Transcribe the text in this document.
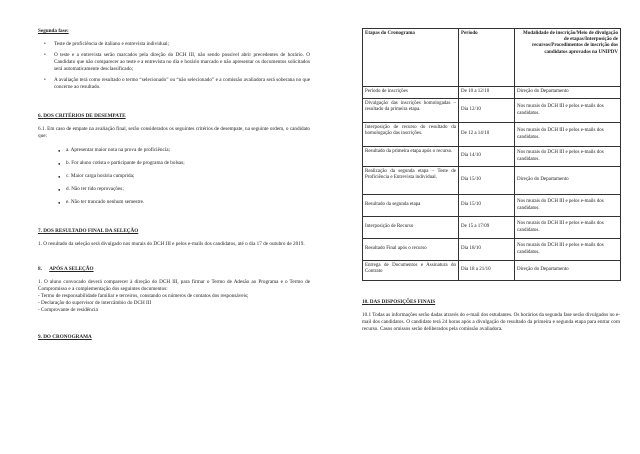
Segunda fase:
• Teste de proficiência de italiano e entrevista individual;
• O teste e a entrevista serão marcados pela direção do DCH III, não sendo possível abrir precedentes de horário. O Candidato que não comparecer ao teste e a entrevista no dia e horário marcado e não apresentar os documentos solicitados será automaticamente desclassificado;
• A avaliação terá como resultado o termo “selecionado” ou “não selecionado” e a comissão avaliadora será soberana no que concerne ao resultado.
6. DOS CRITÉRIOS DE DESEMPATE
6.1. Em caso de empate na avaliação final, serão considerados os seguintes critérios de desempate, na seguinte ordem, o candidato que:
● a. Apresentar maior nota na prova de proficiência;
● b. For aluno cotista e participante de programa de bolsas;
● c. Maior carga horária cumprida;
● d. Não ter tido reprovações;
● e. Não ter trancado nenhum semestre.
7. DOS RESULTADO FINAL DA SELEÇÃO
1. O resultado da seleção será divulgado nos murais do DCH III e pelos e-mails dos candidatos, até o dia 17 de outubro de 2019.
8. APÓS A SELEÇÃO
1. O aluno convocado deverá comparecer à direção do DCH III, para firmar o Termo de Adesão ao Programa e o Termo de Compromisso e a complementação dos seguintes documentos:
- Termo de responsabilidade familiar e terceiros, constando os números de contatos dos responsáveis;
- Declaração do supervisor de intercâmbio do DCH III
- Comprovante de residência
9. DO CRONOGRAMA
Etapas do Cronograma	Período	Modalidade de inscrição/Meio de divulgação de etapas/Interposição de recursos/Procedimentos de inscrição dos candidatos aprovados na UNIPDV
Período de inscrições	De 10 a 12/10	Direção do Departamento
Divulgação das inscrições homologadas – resultado da primeira etapa.	Dia 12/10	Nos murais do DCH III e pelos e-mails dos candidatos.
Interposição de recurso do resultado da homologação das inscrições.	De 12 a 14/10	Nos murais do DCH III e pelos e-mails dos candidatos.
Resultado da primeira etapa após o recurso.	Dia 14/10	Nos murais do DCH III e pelos e-mails dos candidatos.
Realização da segunda etapa – Teste de Proficiência e Entrevista individual.	Dia 15/10	Direção do Departamento
Resultado da segunda etapa	Dia 15/10	Nos murais do DCH III e pelos e-mails dos candidatos.
Interposição de Recurso	De 15 a 17/09	Nos murais do DCH III e pelos e-mails dos candidatos.
Resultado Final após o recurso	Dia 18/10	Nos murais do DCH III e pelos e-mails dos candidatos.
Entrega de Documentos e Assinatura do Contrato	Dia 18 a 21/10	Direção do Departamento
10. DAS DISPOSIÇÕES FINAIS
10.1 Todas as informações serão dadas através do e-mail dos estudantes. Os horários da segunda fase serão divulgados no e-mail dos candidatos. O candidato terá 24 horas após a divulgação do resultado da primeira e segunda etapa para entrar com recurso. Casos omissos serão deliberados pela comissão avaliadora.
